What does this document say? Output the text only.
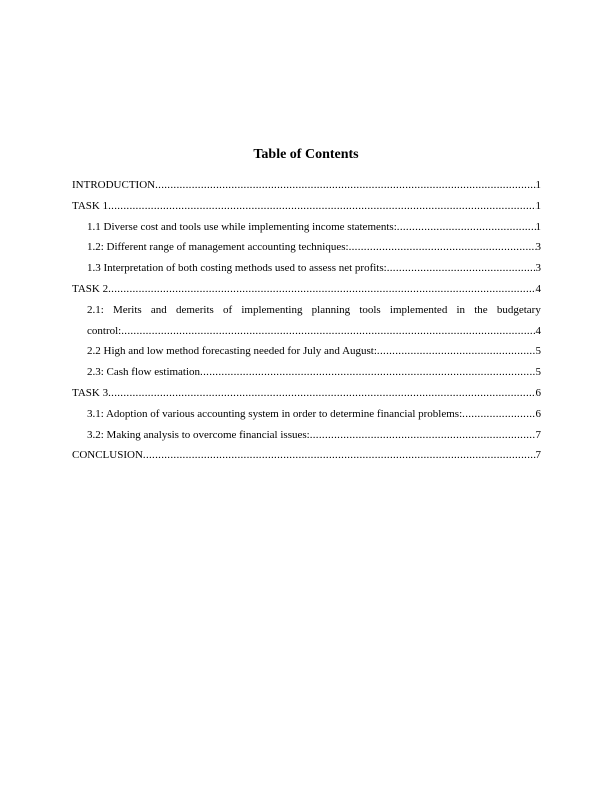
Table of Contents
INTRODUCTION .....	1
TASK 1 .....	1
1.1 Diverse cost and tools use while implementing income statements: .....	1
1.2: Different range of management accounting techniques: .....	3
1.3 Interpretation of both costing methods used to assess net profits: .....	3
TASK 2 .....	4
2.1: Merits and demerits of implementing planning tools implemented in the budgetary
control: .....	4
2.2 High and low method forecasting needed for July and August: .....	5
2.3: Cash flow estimation .....	5
TASK 3 .....	6
3.1: Adoption of various accounting system in order to determine financial problems: .....	6
3.2: Making analysis to overcome financial issues: .....	7
CONCLUSION .....	7
